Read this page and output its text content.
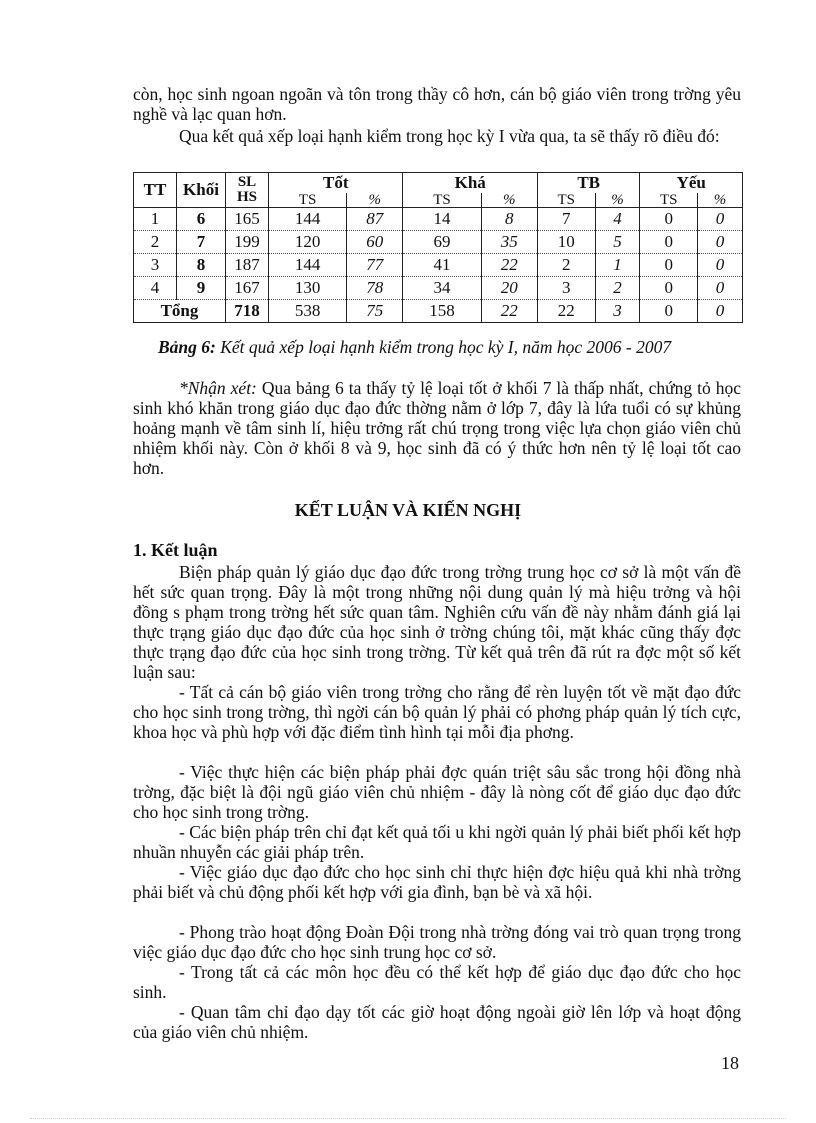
còn, học sinh ngoan ngoãn và tôn trong thầy cô hơn, cán bộ giáo viên trong trờng yêu nghề và lạc quan hơn.

Qua kết quả xếp loại hạnh kiểm trong học kỳ I vừa qua, ta sẽ thấy rõ điều đó:

TT	Khối	SL HS	Tốt		Khá		TB		Yếu	
			TS	%	TS	%	TS	%	TS	%
1	6	165	144	87	14	8	7	4	0	0
2	7	199	120	60	69	35	10	5	0	0
3	8	187	144	77	41	22	2	1	0	0
4	9	167	130	78	34	20	3	2	0	0
Tổng		718	538	75	158	22	22	3	0	0
Bảng 6: Kết quả xếp loại hạnh kiểm trong học kỳ I, năm học 2006 - 2007

*Nhận xét: Qua bảng 6 ta thấy tỷ lệ loại tốt ở khối 7 là thấp nhất, chứng tỏ học sinh khó khăn trong giáo dục đạo đức thờng nằm ở lớp 7, đây là lứa tuổi có sự khủng hoảng mạnh về tâm sinh lí, hiệu trởng rất chú trọng trong việc lựa chọn giáo viên chủ nhiệm khối này. Còn ở khối 8 và 9, học sinh đã có ý thức hơn nên tỷ lệ loại tốt cao hơn.

KẾT LUẬN VÀ KIẾN NGHỊ
1. Kết luận

Biện pháp quản lý giáo dục đạo đức trong trờng trung học cơ sở là một vấn đề hết sức quan trọng. Đây là một trong những nội dung quản lý mà hiệu trởng và hội đồng s phạm trong trờng hết sức quan tâm. Nghiên cứu vấn đề này nhằm đánh giá lại thực trạng giáo dục đạo đức của học sinh ở trờng chúng tôi, mặt khác cũng thấy đợc thực trạng đạo đức của học sinh trong trờng. Từ kết quả trên đã rút ra đợc một số kết luận sau:

- Tất cả cán bộ giáo viên trong trờng cho rằng để rèn luyện tốt về mặt đạo đức cho học sinh trong trờng, thì ngời cán bộ quản lý phải có phơng pháp quản lý tích cực, khoa học và phù hợp với đặc điểm tình hình tại mỗi địa phơng.

- Việc thực hiện các biện pháp phải đợc quán triệt sâu sắc trong hội đồng nhà trờng, đặc biệt là đội ngũ giáo viên chủ nhiệm - đây là nòng cốt để giáo dục đạo đức cho học sinh trong trờng.

- Các biện pháp trên chỉ đạt kết quả tối u khi ngời quản lý phải biết phối kết hợp nhuần nhuyễn các giải pháp trên.

- Việc giáo dục đạo đức cho học sinh chỉ thực hiện đợc hiệu quả khi nhà trờng phải biết và chủ động phối kết hợp với gia đình, bạn bè và xã hội.

- Phong trào hoạt động Đoàn Đội trong nhà trờng đóng vai trò quan trọng trong việc giáo dục đạo đức cho học sinh trung học cơ sở.

- Trong tất cả các môn học đều có thể kết hợp để giáo dục đạo đức cho học sinh.

- Quan tâm chỉ đạo dạy tốt các giờ hoạt động ngoài giờ lên lớp và hoạt động của giáo viên chủ nhiệm.

18
